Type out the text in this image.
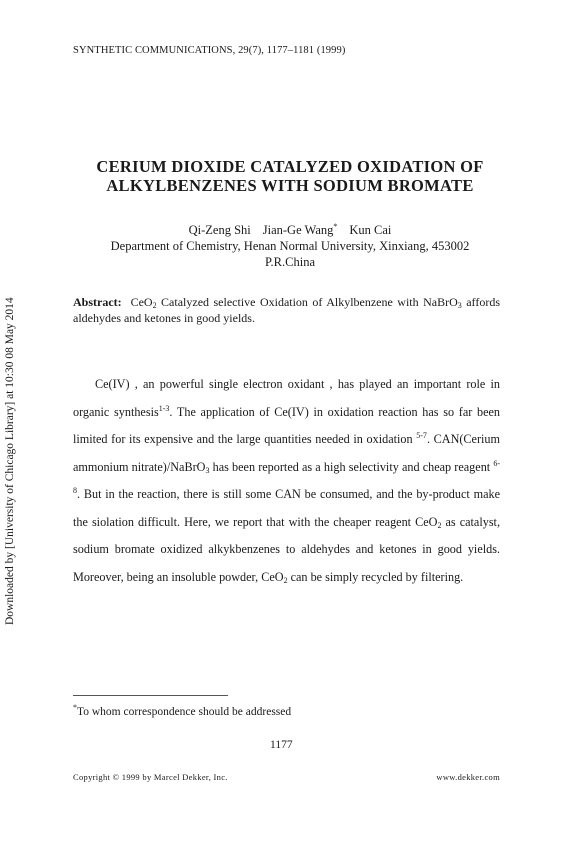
SYNTHETIC COMMUNICATIONS, 29(7), 1177–1181 (1999)
Downloaded by [University of Chicago Library] at 10:30 08 May 2014
CERIUM DIOXIDE CATALYZED OXIDATION OF
ALKYLBENZENES WITH SODIUM BROMATE
Qi-Zeng Shi Jian-Ge Wang* Kun Cai
Department of Chemistry, Henan Normal University, Xinxiang, 453002
P.R.China
Abstract: CeO$_2$ Catalyzed selective Oxidation of Alkylbenzene with NaBrO$_3$ affords aldehydes and ketones in good yields.

Ce(IV) , an powerful single electron oxidant , has played an important role in organic synthesis$^{1-3}$. The application of Ce(IV) in oxidation reaction has so far been limited for its expensive and the large quantities needed in oxidation $^{5-7}$. CAN(Cerium ammonium nitrate)/NaBrO$_3$ has been reported as a high selectivity and cheap reagent $^{6-8}$. But in the reaction, there is still some CAN be consumed, and the by-product make the siolation difficult. Here, we report that with the cheaper reagent CeO$_2$ as catalyst, sodium bromate oxidized alkykbenzenes to aldehydes and ketones in good yields. Moreover, being an insoluble powder, CeO$_2$ can be simply recycled by filtering.

*To whom correspondence should be addressed
1177
Copyright © 1999 by Marcel Dekker, Inc.	www.dekker.com
